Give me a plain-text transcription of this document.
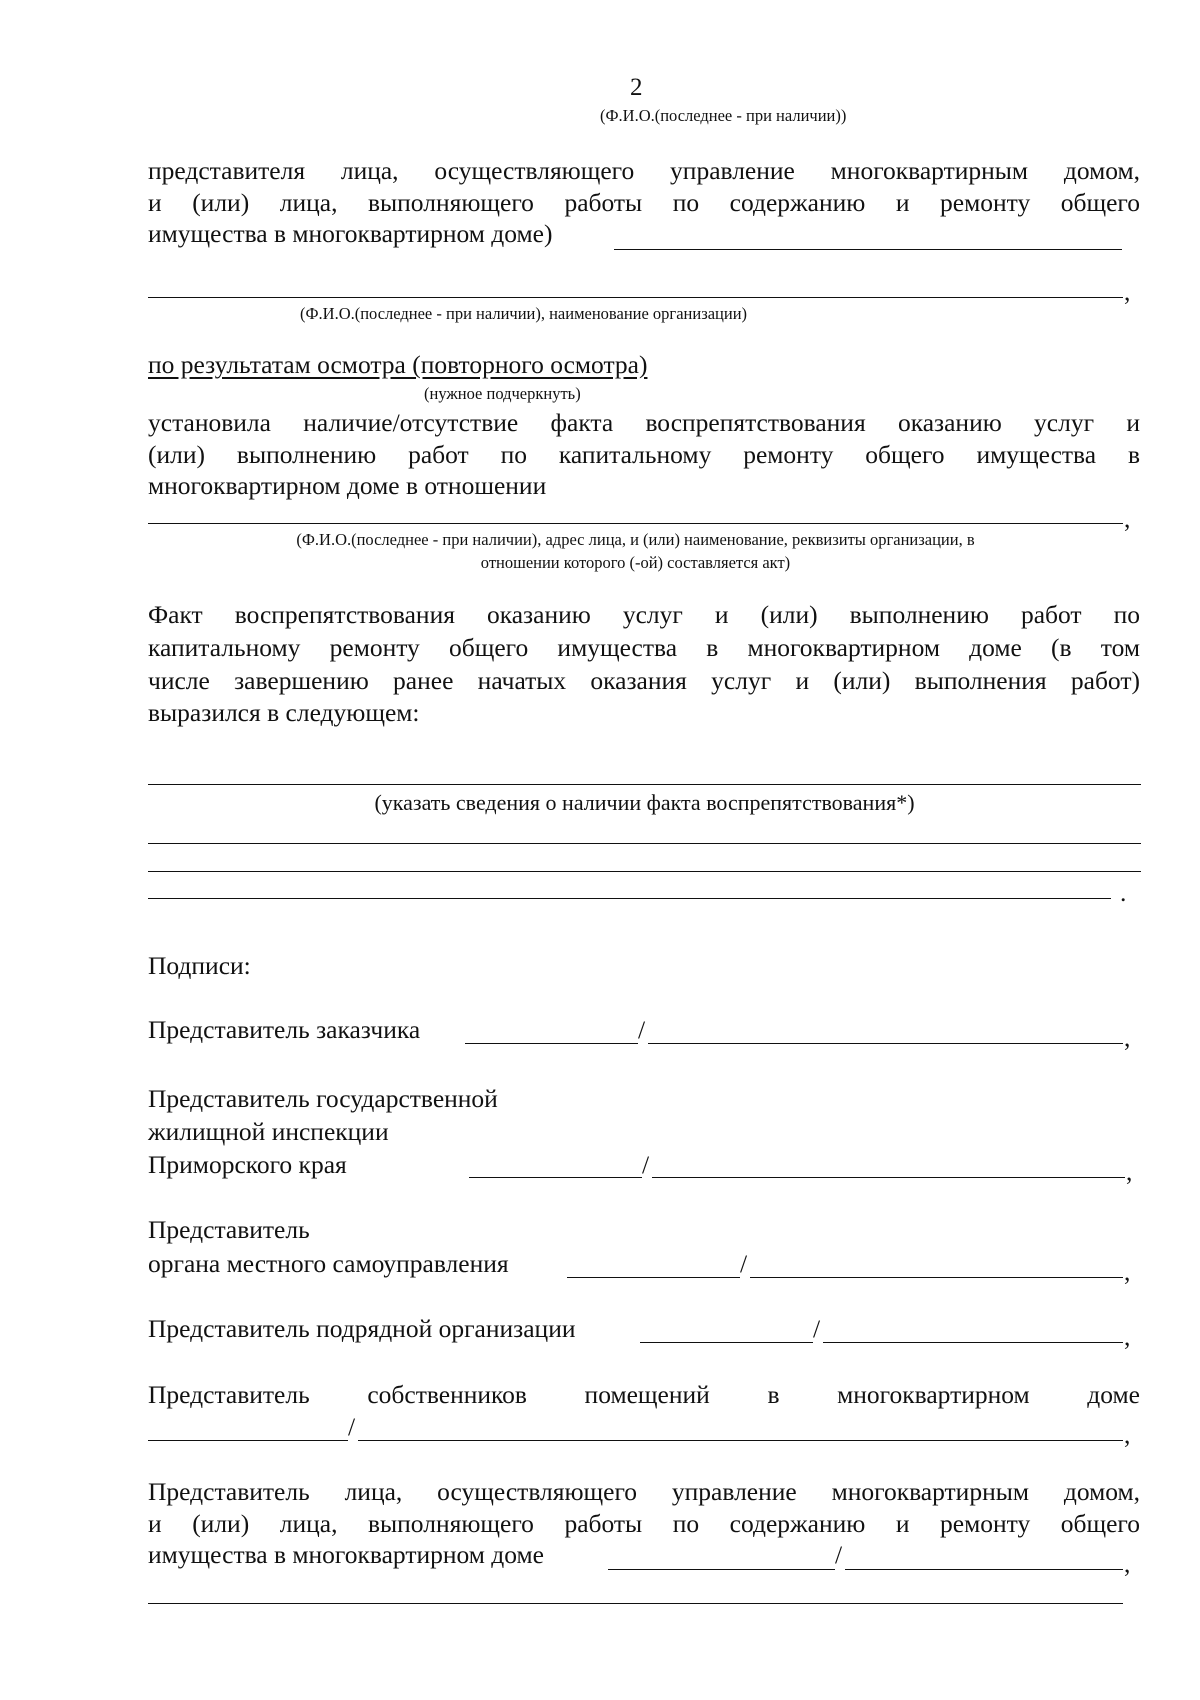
2
(Ф.И.О.(последнее - при наличии))
представителя лица, осуществляющего управление многоквартирным домом,
и (или) лица, выполняющего работы по содержанию и ремонту общего
имущества в многоквартирном доме)
,
(Ф.И.О.(последнее - при наличии), наименование организации)
по результатам осмотра (повторного осмотра)
(нужное подчеркнуть)
установила наличие/отсутствие факта воспрепятствования оказанию услуг и
(или) выполнению работ по капитальному ремонту общего имущества в
многоквартирном доме в отношении
,
(Ф.И.О.(последнее - при наличии), адрес лица, и (или) наименование, реквизиты организации, в
отношении которого (-ой) составляется акт)
Факт воспрепятствования оказанию услуг и (или) выполнению работ по
капитальному ремонту общего имущества в многоквартирном доме (в том
числе завершению ранее начатых оказания услуг и (или) выполнения работ)
выразился в следующем:
(указать сведения о наличии факта воспрепятствования*)
.
Подписи:
Представитель заказчика	/	,
Представитель государственной
жилищной инспекции
Приморского края	/	,
Представитель
органа местного самоуправления	/	,
Представитель подрядной организации	/	,
Представитель собственников помещений в многоквартирном доме
/	,
Представитель лица, осуществляющего управление многоквартирным домом,
и (или) лица, выполняющего работы по содержанию и ремонту общего
имущества в многоквартирном доме	/	,
